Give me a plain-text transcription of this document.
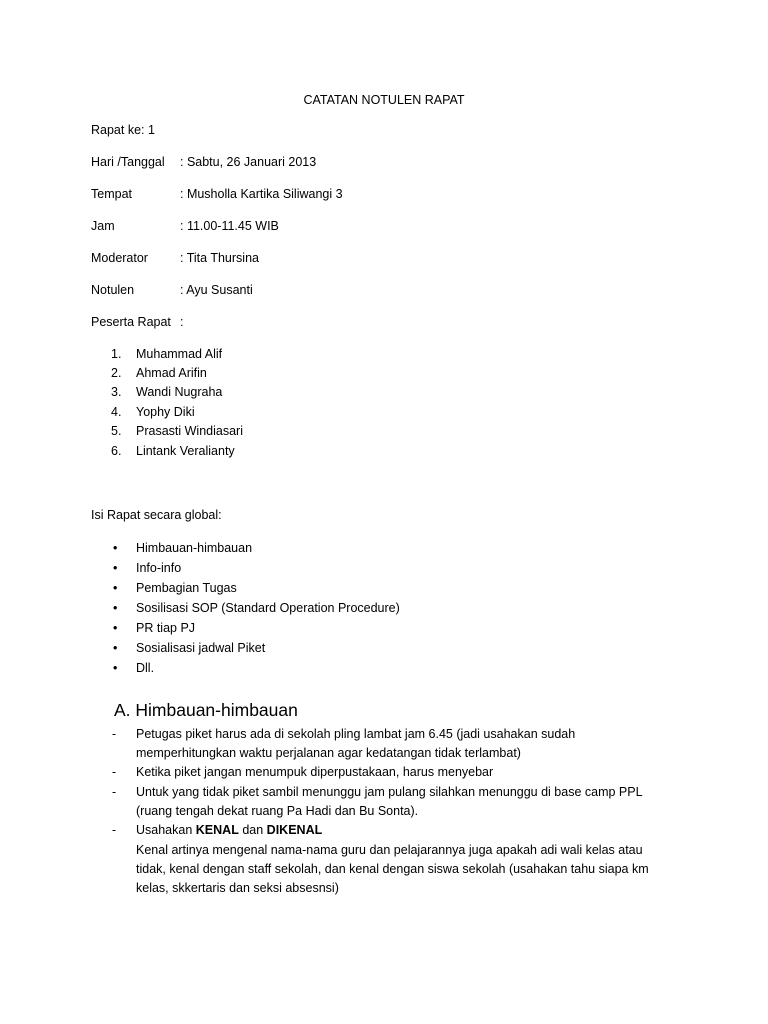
CATATAN NOTULEN RAPAT
Rapat ke: 1
Hari /Tanggal : Sabtu, 26 Januari 2013
Tempat	: Musholla Kartika Siliwangi 3
Jam	: 11.00-11.45 WIB
Moderator	: Tita Thursina
Notulen	: Ayu Susanti
Peserta Rapat :
1. Muhammad Alif
2. Ahmad Arifin
3. Wandi Nugraha
4. Yophy Diki
5. Prasasti Windiasari
6. Lintank Veralianty
Isi Rapat secara global:
• Himbauan-himbauan
• Info-info
• Pembagian Tugas
• Sosilisasi SOP (Standard Operation Procedure)
• PR tiap PJ
• Sosialisasi jadwal Piket
• Dll.
A. Himbauan-himbauan
- Petugas piket harus ada di sekolah pling lambat jam 6.45 (jadi usahakan sudah
memperhitungkan waktu perjalanan agar kedatangan tidak terlambat)
- Ketika piket jangan menumpuk diperpustakaan, harus menyebar
- Untuk yang tidak piket sambil menunggu jam pulang silahkan menunggu di base camp PPL
(ruang tengah dekat ruang Pa Hadi dan Bu Sonta).
- Usahakan KENAL dan DIKENAL
Kenal artinya mengenal nama-nama guru dan pelajarannya juga apakah adi wali kelas atau
tidak, kenal dengan staff sekolah, dan kenal dengan siswa sekolah (usahakan tahu siapa km
kelas, skkertaris dan seksi absesnsi)
